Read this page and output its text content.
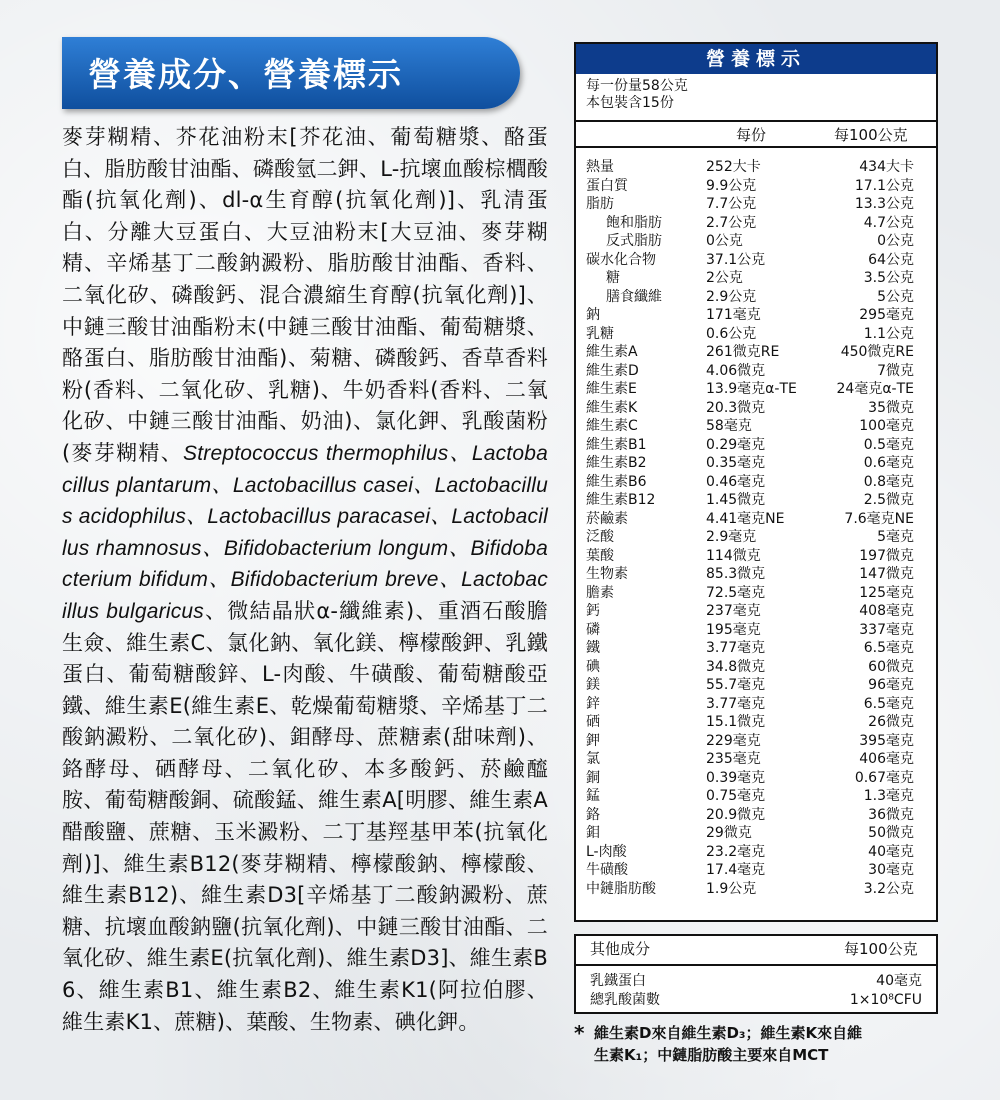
營養成分、營養標示
麥芽糊精、芥花油粉末[芥花油、葡萄糖漿、酪蛋白、脂肪酸甘油酯、磷酸氫二鉀、L-抗壞血酸棕櫚酸酯(抗氧化劑)、dl-α生育醇(抗氧化劑)]、乳清蛋白、分離大豆蛋白、大豆油粉末[大豆油、麥芽糊精、辛烯基丁二酸鈉澱粉、脂肪酸甘油酯、香料、二氧化矽、磷酸鈣、混合濃縮生育醇(抗氧化劑)]、中鏈三酸甘油酯粉末(中鏈三酸甘油酯、葡萄糖漿、酪蛋白、脂肪酸甘油酯)、菊糖、磷酸鈣、香草香料粉(香料、二氧化矽、乳糖)、牛奶香料(香料、二氧化矽、中鏈三酸甘油酯、奶油)、氯化鉀、乳酸菌粉(麥芽糊精、Streptococcus thermophilus、Lactobacillus plantarum、Lactobacillus casei、Lactobacillus acidophilus、Lactobacillus paracasei、Lactobacillus rhamnosus、Bifidobacterium longum、Bifidobacterium bifidum、Bifidobacterium breve、Lactobacillus bulgaricus、微結晶狀α-纖維素)、重酒石酸膽生僉、維生素C、氯化鈉、氧化鎂、檸檬酸鉀、乳鐵蛋白、葡萄糖酸鋅、L-肉酸、牛磺酸、葡萄糖酸亞鐵、維生素E(維生素E、乾燥葡萄糖漿、辛烯基丁二酸鈉澱粉、二氧化矽)、鉬酵母、蔗糖素(甜味劑)、鉻酵母、硒酵母、二氧化矽、本多酸鈣、菸鹼醯胺、葡萄糖酸銅、硫酸錳、維生素A[明膠、維生素A醋酸鹽、蔗糖、玉米澱粉、二丁基羥基甲苯(抗氧化劑)]、維生素B12(麥芽糊精、檸檬酸鈉、檸檬酸、維生素B12)、維生素D3[辛烯基丁二酸鈉澱粉、蔗糖、抗壞血酸鈉鹽(抗氧化劑)、中鏈三酸甘油酯、二氧化矽、維生素E(抗氧化劑)、維生素D3]、維生素B6、維生素B1、維生素B2、維生素K1(阿拉伯膠、維生素K1、蔗糖)、葉酸、生物素、碘化鉀。
營養標示
每一份量58公克
本包裝含15份
每份	每100公克
熱量	252大卡	434大卡
蛋白質	9.9公克	17.1公克
脂肪	7.7公克	13.3公克
飽和脂肪	2.7公克	4.7公克
反式脂肪	0公克	0公克
碳水化合物	37.1公克	64公克
糖	2公克	3.5公克
膳食纖維	2.9公克	5公克
鈉	171毫克	295毫克
乳糖	0.6公克	1.1公克
維生素A	261微克RE	450微克RE
維生素D	4.06微克	7微克
維生素E	13.9毫克α-TE	24毫克α-TE
維生素K	20.3微克	35微克
維生素C	58毫克	100毫克
維生素B1	0.29毫克	0.5毫克
維生素B2	0.35毫克	0.6毫克
維生素B6	0.46毫克	0.8毫克
維生素B12	1.45微克	2.5微克
菸鹼素	4.41毫克NE	7.6毫克NE
泛酸	2.9毫克	5毫克
葉酸	114微克	197微克
生物素	85.3微克	147微克
膽素	72.5毫克	125毫克
鈣	237毫克	408毫克
磷	195毫克	337毫克
鐵	3.77毫克	6.5毫克
碘	34.8微克	60微克
鎂	55.7毫克	96毫克
鋅	3.77毫克	6.5毫克
硒	15.1微克	26微克
鉀	229毫克	395毫克
氯	235毫克	406毫克
銅	0.39毫克	0.67毫克
錳	0.75毫克	1.3毫克
鉻	20.9微克	36微克
鉬	29微克	50微克
L-肉酸	23.2毫克	40毫克
牛磺酸	17.4毫克	30毫克
中鏈脂肪酸	1.9公克	3.2公克
其他成分	每100公克
乳鐵蛋白	40毫克
總乳酸菌數	1×10⁸CFU
* 維生素D來自維生素D₃；維生素K來自維
生素K₁；中鏈脂肪酸主要來自MCT
